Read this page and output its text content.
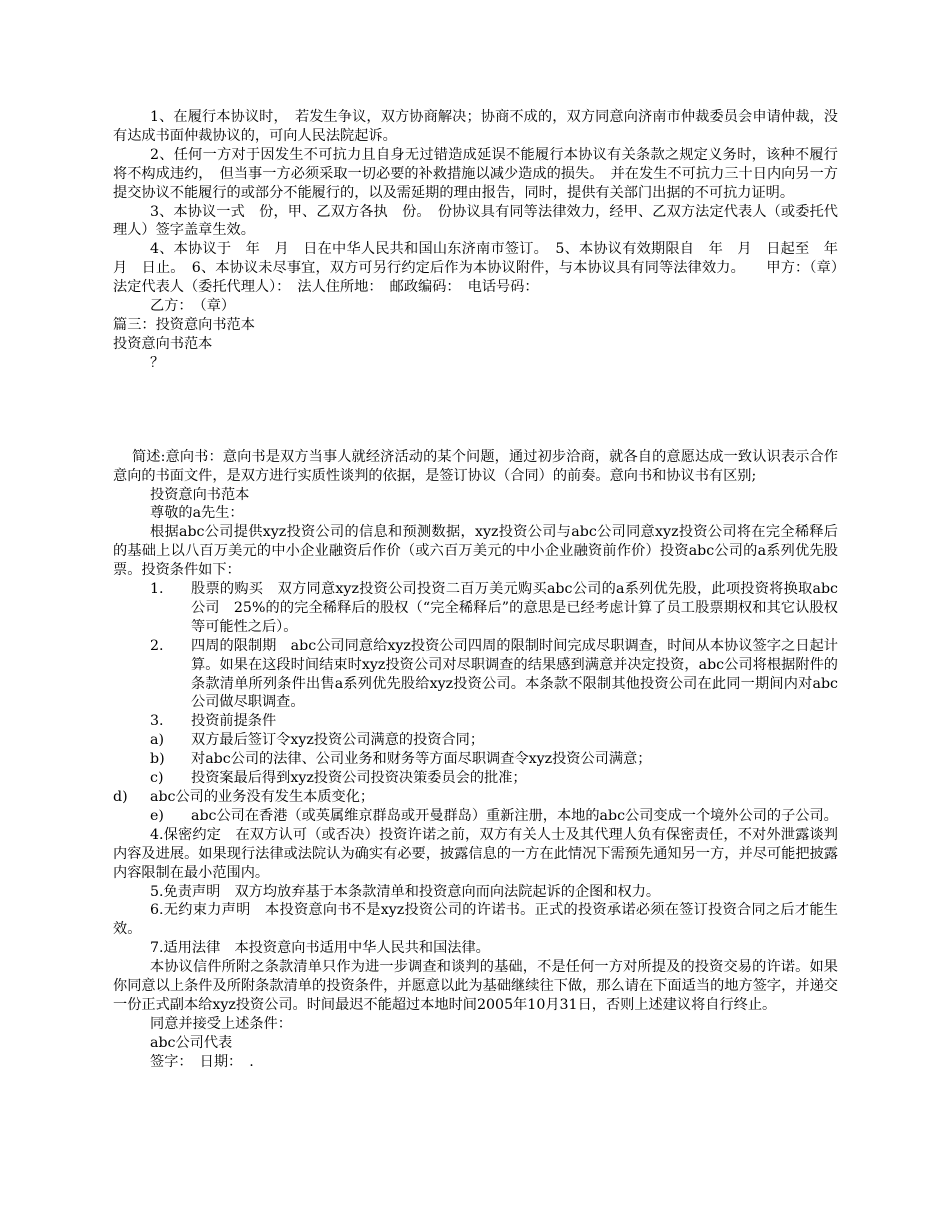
1、在履行本协议时，　若发生争议，双方协商解决；协商不成的，双方同意向济南市仲裁委员会申请仲裁，没有达成书面仲裁协议的，可向人民法院起诉。

2、任何一方对于因发生不可抗力且自身无过错造成延误不能履行本协议有关条款之规定义务时，该种不履行将不构成违约，　但当事一方必须采取一切必要的补救措施以减少造成的损失。　并在发生不可抗力三十日内向另一方提交协议不能履行的或部分不能履行的，以及需延期的理由报告，同时，提供有关部门出据的不可抗力证明。

3、本协议一式　份，甲、乙双方各执　份。　份协议具有同等法律效力，经甲、乙双方法定代表人（或委托代理人）签字盖章生效。

4、本协议于　年　月　日在中华人民共和国山东济南市签订。　5、本协议有效期限自　年　月　日起至　年　月　日止。　6、本协议未尽事宜，双方可另行约定后作为本协议附件，与本协议具有同等法律效力。　　甲方：（章）　法定代表人（委托代理人）：　法人住所地：　邮政编码：　电话号码：

乙方：　（章）

篇三：投资意向书范本

投资意向书范本

？

简述:意向书：意向书是双方当事人就经济活动的某个问题，通过初步洽商，就各自的意愿达成一致认识表示合作意向的书面文件，是双方进行实质性谈判的依据，是签订协议（合同）的前奏。意向书和协议书有区别;

投资意向书范本

尊敬的a先生：

根据abc公司提供xyz投资公司的信息和预测数据，xyz投资公司与abc公司同意xyz投资公司将在完全稀释后的基础上以八百万美元的中小企业融资后作价（或六百万美元的中小企业融资前作价）投资abc公司的a系列优先股票。投资条件如下：

1. 股票的购买　双方同意xyz投资公司投资二百万美元购买abc公司的a系列优先股，此项投资将换取abc公司　25%的的完全稀释后的股权（“完全稀释后”的意思是已经考虑计算了员工股票期权和其它认股权等可能性之后）。
2. 四周的限制期　abc公司同意给xyz投资公司四周的限制时间完成尽职调查，时间从本协议签字之日起计算。如果在这段时间结束时xyz投资公司对尽职调查的结果感到满意并决定投资，abc公司将根据附件的条款清单所列条件出售a系列优先股给xyz投资公司。本条款不限制其他投资公司在此同一期间内对abc公司做尽职调查。
3. 投资前提条件
a) 双方最后签订令xyz投资公司满意的投资合同；
b) 对abc公司的法律、公司业务和财务等方面尽职调查令xyz投资公司满意；
c) 投资案最后得到xyz投资公司投资决策委员会的批准；
d) abc公司的业务没有发生本质变化；
e) abc公司在香港（或英属维京群岛或开曼群岛）重新注册，本地的abc公司变成一个境外公司的子公司。

4.保密约定　在双方认可（或否决）投资许诺之前，双方有关人士及其代理人负有保密责任，不对外泄露谈判内容及进展。如果现行法律或法院认为确实有必要，披露信息的一方在此情况下需预先通知另一方，并尽可能把披露内容限制在最小范围内。

5.免责声明　双方均放弃基于本条款清单和投资意向而向法院起诉的企图和权力。

6.无约束力声明　本投资意向书不是xyz投资公司的许诺书。正式的投资承诺必须在签订投资合同之后才能生效。

7.适用法律　本投资意向书适用中华人民共和国法律。

本协议信件所附之条款清单只作为进一步调查和谈判的基础，不是任何一方对所提及的投资交易的许诺。如果你同意以上条件及所附条款清单的投资条件，并愿意以此为基础继续往下做，那么请在下面适当的地方签字，并递交一份正式副本给xyz投资公司。时间最迟不能超过本地时间2005年10月31日，否则上述建议将自行终止。

同意并接受上述条件：

abc公司代表

签字：　日期：　.
